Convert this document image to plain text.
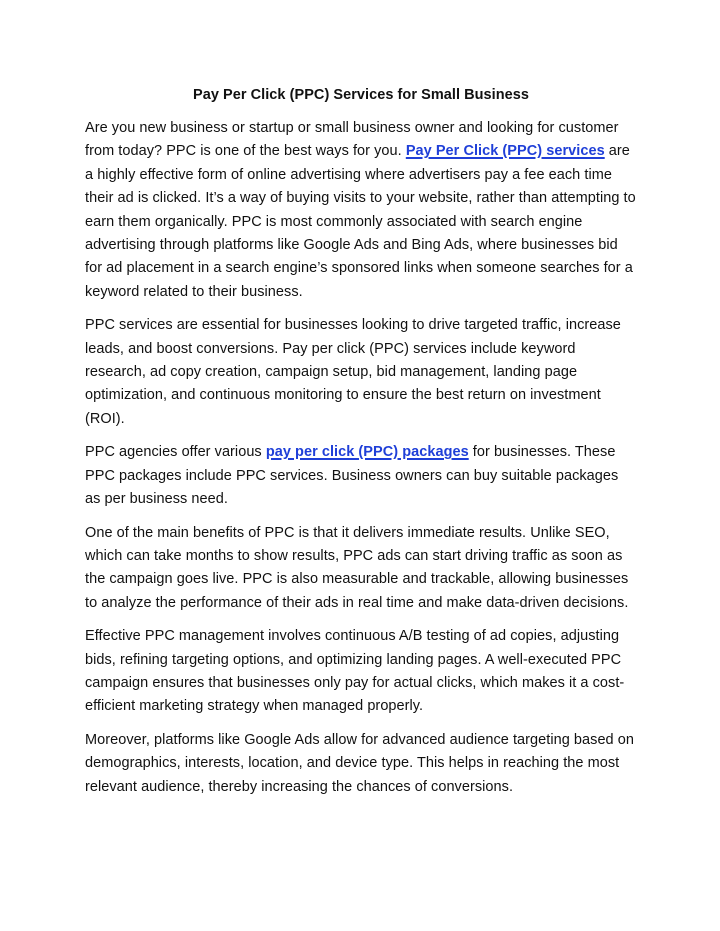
Pay Per Click (PPC) Services for Small Business

Are you new business or startup or small business owner and looking for customer from today? PPC is one of the best ways for you. Pay Per Click (PPC) services are a highly effective form of online advertising where advertisers pay a fee each time their ad is clicked. It’s a way of buying visits to your website, rather than attempting to earn them organically. PPC is most commonly associated with search engine advertising through platforms like Google Ads and Bing Ads, where businesses bid for ad placement in a search engine’s sponsored links when someone searches for a keyword related to their business.

PPC services are essential for businesses looking to drive targeted traffic, increase leads, and boost conversions. Pay per click (PPC) services include keyword research, ad copy creation, campaign setup, bid management, landing page optimization, and continuous monitoring to ensure the best return on investment (ROI).

PPC agencies offer various pay per click (PPC) packages for businesses. These PPC packages include PPC services. Business owners can buy suitable packages as per business need.

One of the main benefits of PPC is that it delivers immediate results. Unlike SEO, which can take months to show results, PPC ads can start driving traffic as soon as the campaign goes live. PPC is also measurable and trackable, allowing businesses to analyze the performance of their ads in real time and make data-driven decisions.

Effective PPC management involves continuous A/B testing of ad copies, adjusting bids, refining targeting options, and optimizing landing pages. A well-executed PPC campaign ensures that businesses only pay for actual clicks, which makes it a cost-efficient marketing strategy when managed properly.

Moreover, platforms like Google Ads allow for advanced audience targeting based on demographics, interests, location, and device type. This helps in reaching the most relevant audience, thereby increasing the chances of conversions.
